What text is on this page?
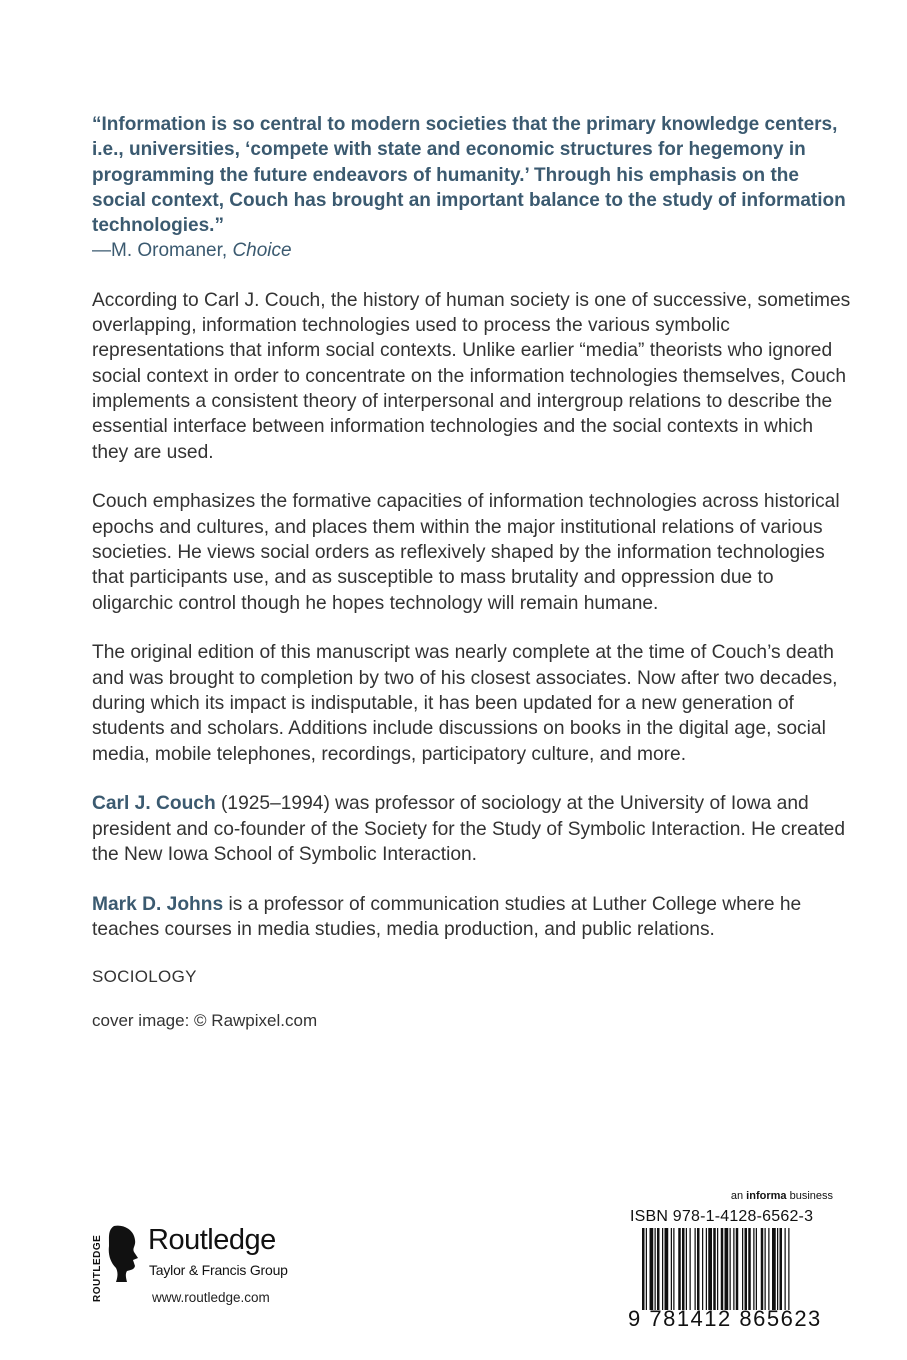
“Information is so central to modern societies that the primary knowledge centers, i.e., universities, ‘compete with state and economic structures for hegemony in programming the future endeavors of humanity.’ Through his emphasis on the social context, Couch has brought an important balance to the study of information technologies.”

—M. Oromaner, Choice

According to Carl J. Couch, the history of human society is one of successive, sometimes overlapping, information technologies used to process the various symbolic representations that inform social contexts. Unlike earlier “media” theorists who ignored social context in order to concentrate on the information technologies themselves, Couch implements a consistent theory of interpersonal and intergroup relations to describe the essential interface between information technologies and the social contexts in which they are used.

Couch emphasizes the formative capacities of information technologies across historical epochs and cultures, and places them within the major institutional relations of various societies. He views social orders as reflexively shaped by the information technologies that participants use, and as susceptible to mass brutality and oppression due to oligarchic control though he hopes technology will remain humane.

The original edition of this manuscript was nearly complete at the time of Couch’s death and was brought to completion by two of his closest associates. Now after two decades, during which its impact is indisputable, it has been updated for a new generation of students and scholars. Additions include discussions on books in the digital age, social media, mobile telephones, recordings, participatory culture, and more.

Carl J. Couch (1925–1994) was professor of sociology at the University of Iowa and president and co-founder of the Society for the Study of Symbolic Interaction. He created the New Iowa School of Symbolic Interaction.

Mark D. Johns is a professor of communication studies at Luther College where he teaches courses in media studies, media production, and public relations.

SOCIOLOGY

cover image: © Rawpixel.com

ROUTLEDGE	Routledge
Taylor & Francis Group
www.routledge.com
an informa business
ISBN 978-1-4128-6562-3
9 781412 865623
